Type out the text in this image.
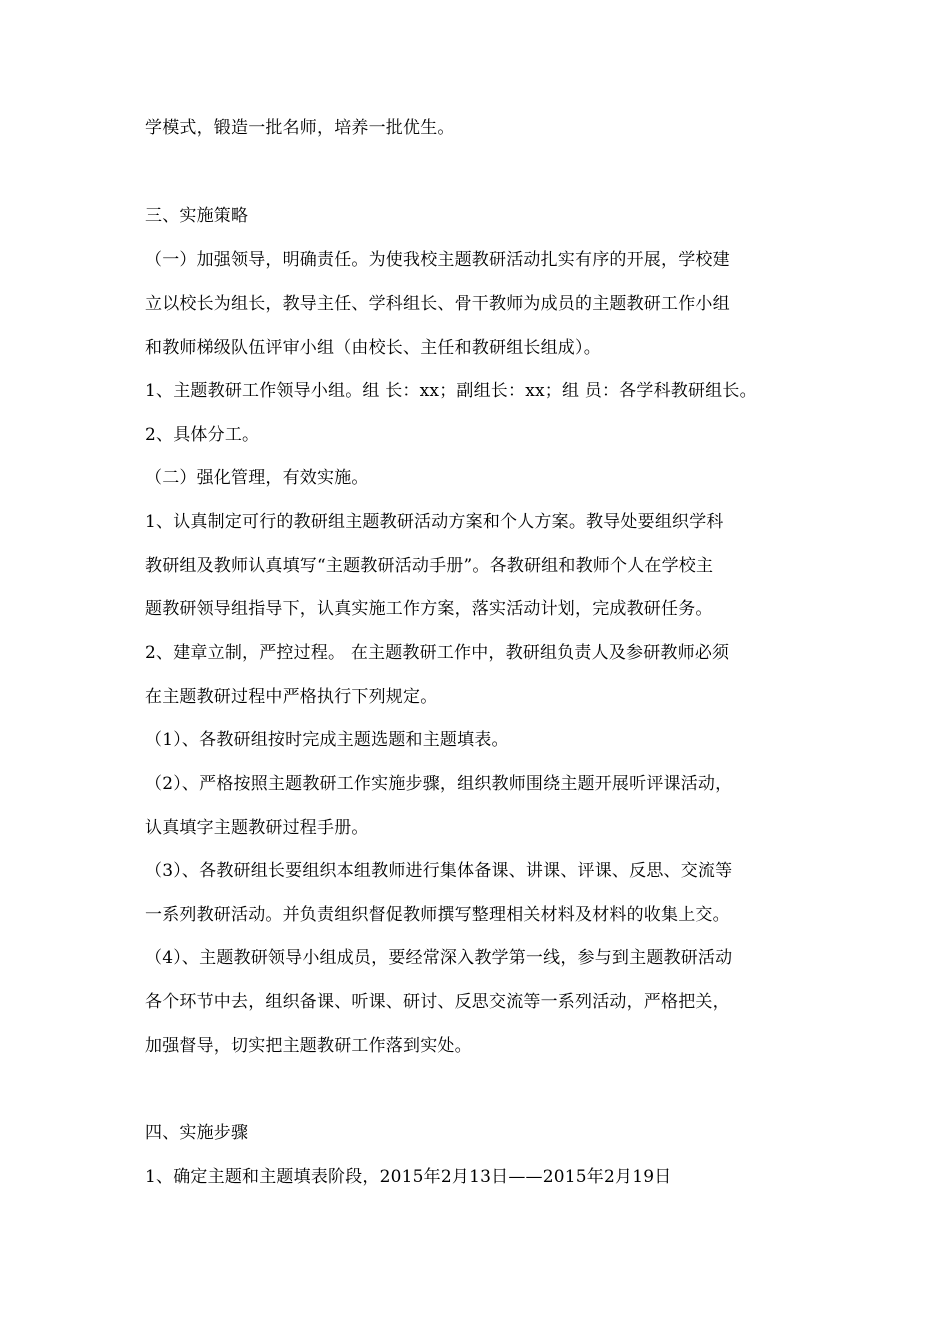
学模式，锻造一批名师，培养一批优生。
三、实施策略
（一）加强领导，明确责任。为使我校主题教研活动扎实有序的开展，学校建
立以校长为组长，教导主任、学科组长、骨干教师为成员的主题教研工作小组
和教师梯级队伍评审小组（由校长、主任和教研组长组成）。
1、主题教研工作领导小组。组 长：xx；副组长：xx；组 员：各学科教研组长。
2、具体分工。
（二）强化管理，有效实施。
1、认真制定可行的教研组主题教研活动方案和个人方案。教导处要组织学科
教研组及教师认真填写“主题教研活动手册”。各教研组和教师个人在学校主
题教研领导组指导下，认真实施工作方案，落实活动计划，完成教研任务。
2、建章立制，严控过程。 在主题教研工作中，教研组负责人及参研教师必须
在主题教研过程中严格执行下列规定。
（1）、各教研组按时完成主题选题和主题填表。
（2）、严格按照主题教研工作实施步骤，组织教师围绕主题开展听评课活动，
认真填字主题教研过程手册。
（3）、各教研组长要组织本组教师进行集体备课、讲课、评课、反思、交流等
一系列教研活动。并负责组织督促教师撰写整理相关材料及材料的收集上交。
（4）、主题教研领导小组成员，要经常深入教学第一线，参与到主题教研活动
各个环节中去，组织备课、听课、研讨、反思交流等一系列活动，严格把关，
加强督导，切实把主题教研工作落到实处。
四、实施步骤
1、确定主题和主题填表阶段，2015年2月13日——2015年2月19日
